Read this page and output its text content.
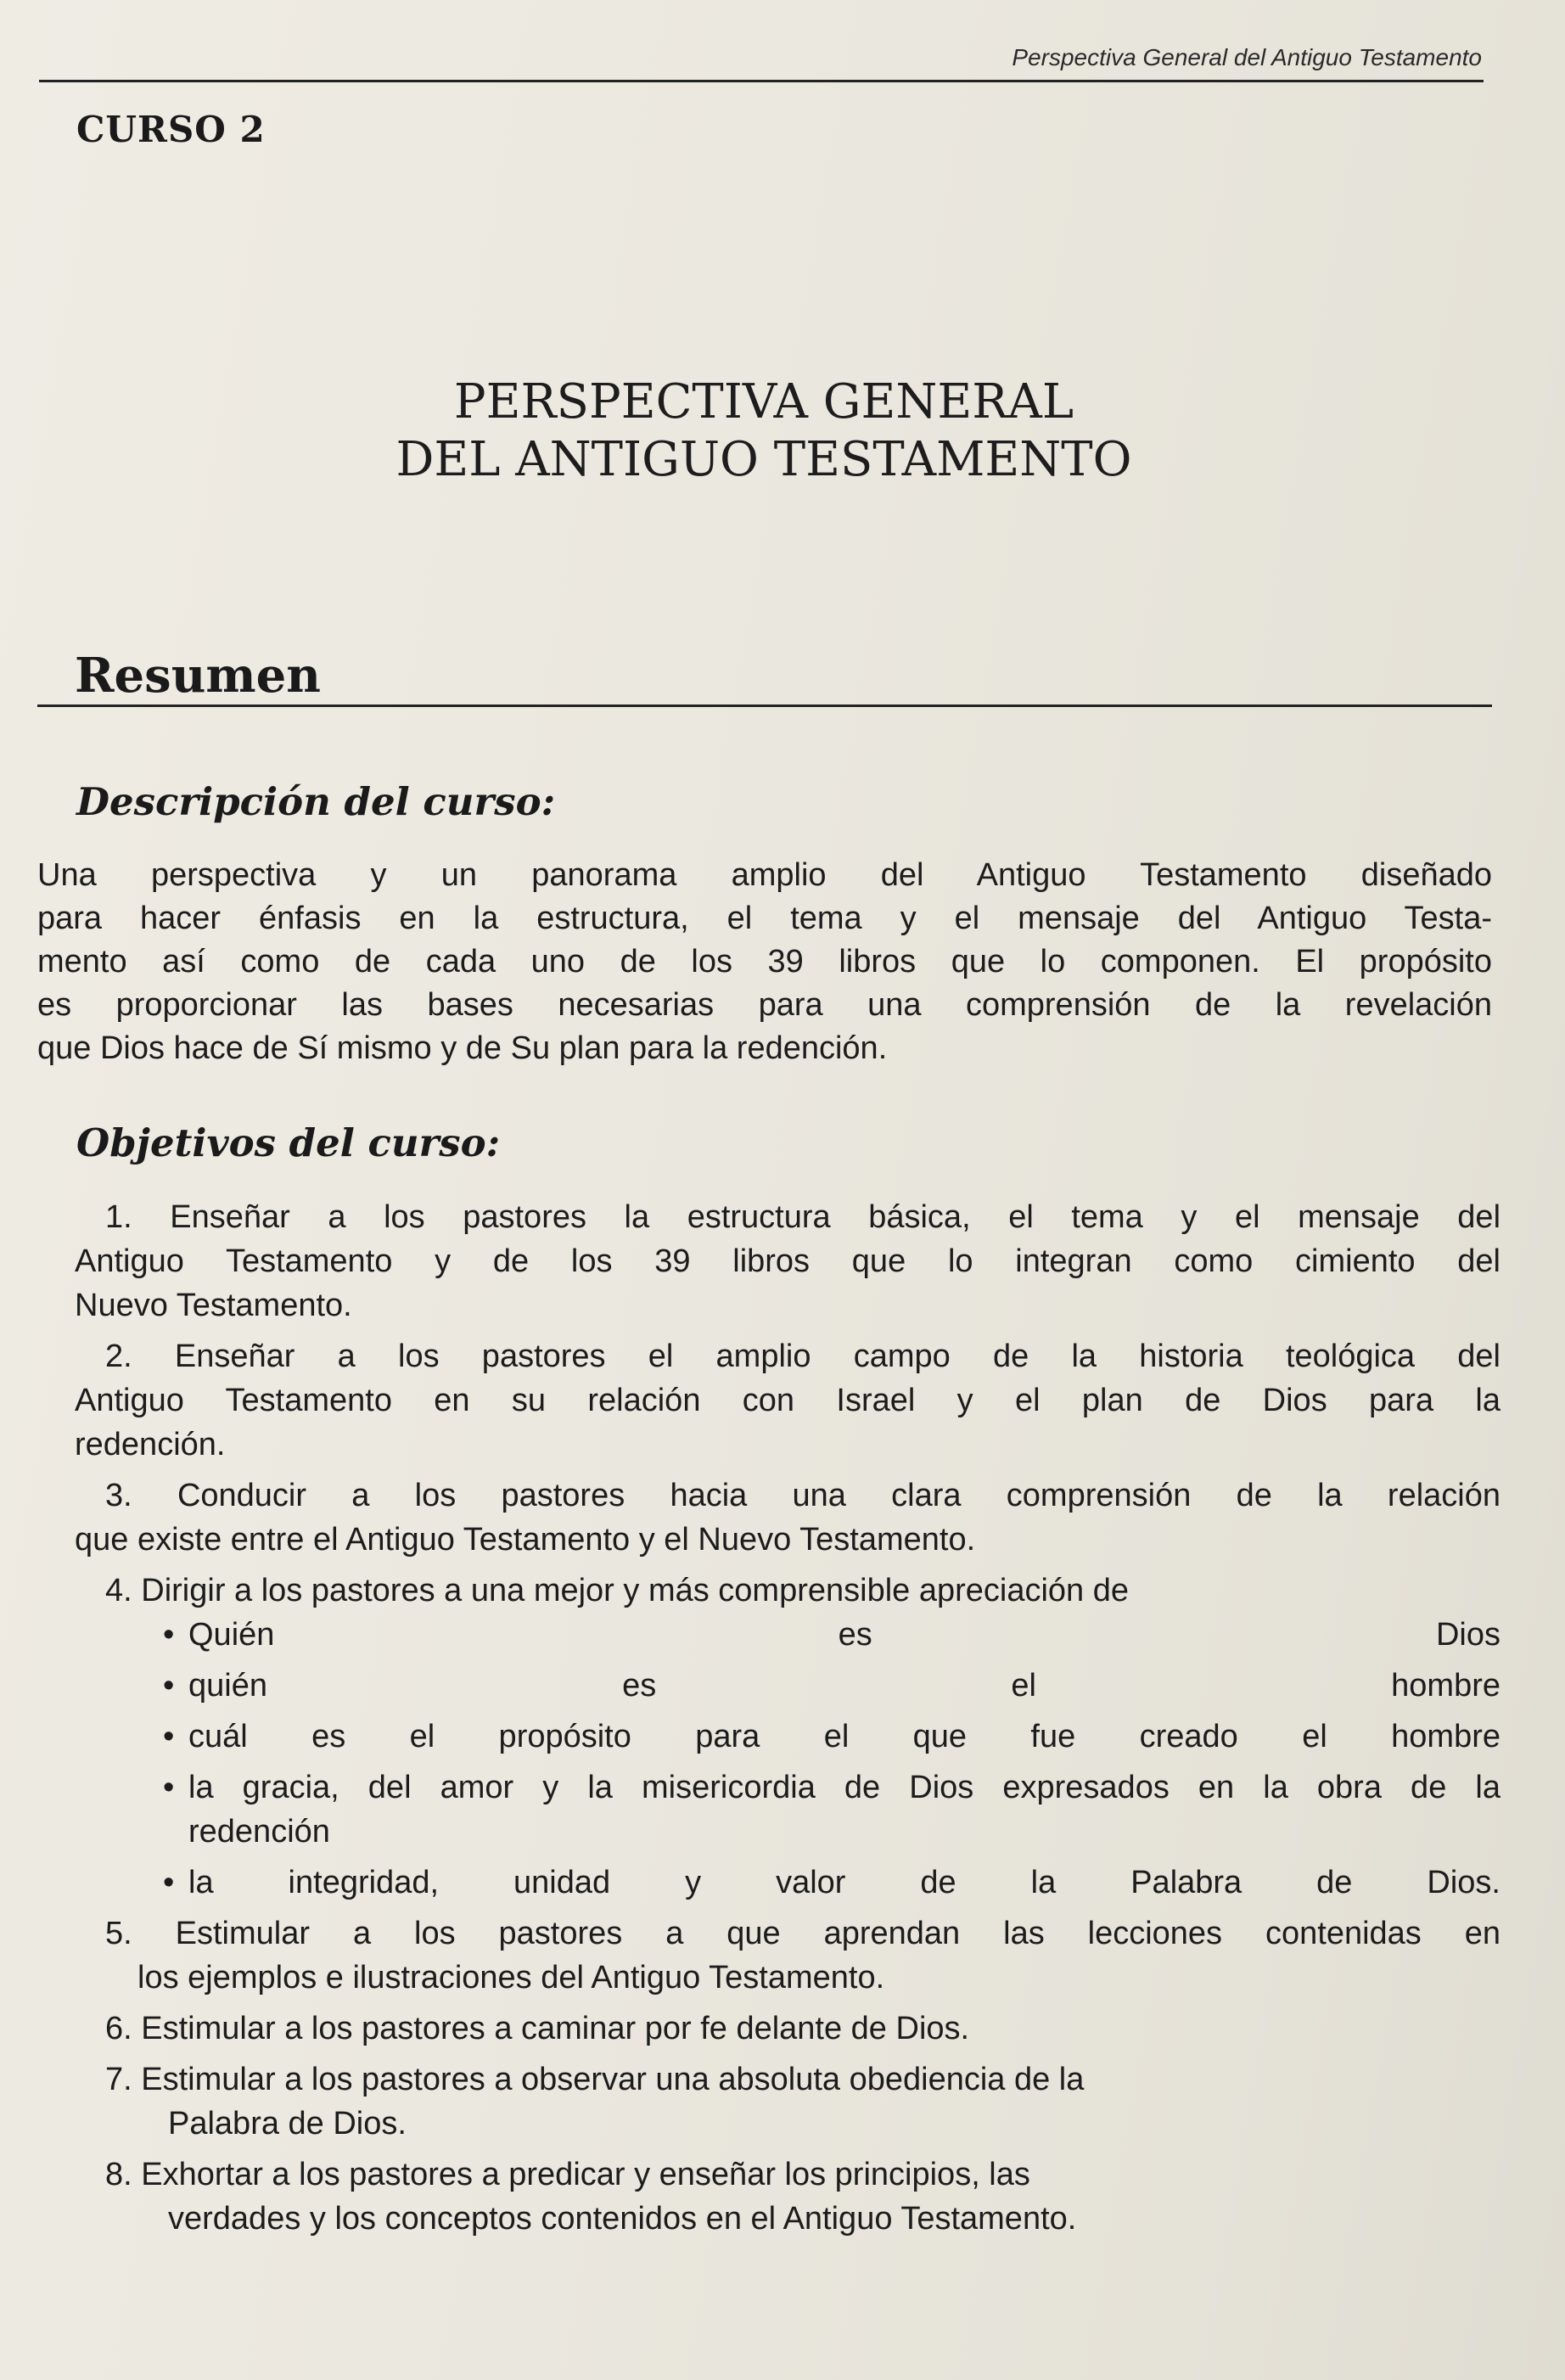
Perspectiva General del Antiguo Testamento
CURSO 2
PERSPECTIVA GENERAL
DEL ANTIGUO TESTAMENTO
Resumen
Descripción del curso:
Una perspectiva y un panorama amplio del Antiguo Testamento diseñado
para hacer énfasis en la estructura, el tema y el mensaje del Antiguo Testa-
mento así como de cada uno de los 39 libros que lo componen. El propósito
es proporcionar las bases necesarias para una comprensión de la revelación
que Dios hace de Sí mismo y de Su plan para la redención.
Objetivos del curso:
1. Enseñar a los pastores la estructura básica, el tema y el mensaje del
Antiguo Testamento y de los 39 libros que lo integran como cimiento del
Nuevo Testamento.
2. Enseñar a los pastores el amplio campo de la historia teológica del
Antiguo Testamento en su relación con Israel y el plan de Dios para la
redención.
3. Conducir a los pastores hacia una clara comprensión de la relación
que existe entre el Antiguo Testamento y el Nuevo Testamento.
4. Dirigir a los pastores a una mejor y más comprensible apreciación de
• Quién es Dios
• quién es el hombre
• cuál es el propósito para el que fue creado el hombre
• la gracia, del amor y la misericordia de Dios expresados en la obra de la
redención
• la integridad, unidad y valor de la Palabra de Dios.
5. Estimular a los pastores a que aprendan las lecciones contenidas en
los ejemplos e ilustraciones del Antiguo Testamento.
6. Estimular a los pastores a caminar por fe delante de Dios.
7. Estimular a los pastores a observar una absoluta obediencia de la
Palabra de Dios.
8. Exhortar a los pastores a predicar y enseñar los principios, las
verdades y los conceptos contenidos en el Antiguo Testamento.
